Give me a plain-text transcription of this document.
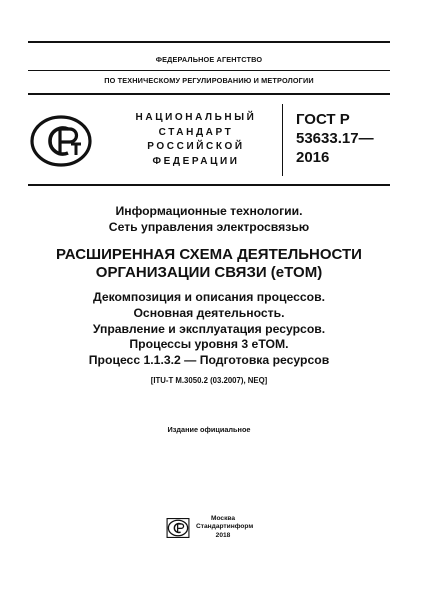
ФЕДЕРАЛЬНОЕ АГЕНТСТВО
ПО ТЕХНИЧЕСКОМУ РЕГУЛИРОВАНИЮ И МЕТРОЛОГИИ
НАЦИОНАЛЬНЫЙ
СТАНДАРТ
РОССИЙСКОЙ
ФЕДЕРАЦИИ
ГОСТ Р
53633.17—
2016
Информационные технологии.
Сеть управления электросвязью
РАСШИРЕННАЯ СХЕМА ДЕЯТЕЛЬНОСТИ
ОРГАНИЗАЦИИ СВЯЗИ (eTOM)
Декомпозиция и описания процессов.
Основная деятельность.
Управление и эксплуатация ресурсов.
Процессы уровня 3 eTOM.
Процесс 1.1.3.2 — Подготовка ресурсов
[ITU-T M.3050.2 (03.2007), NEQ]
Издание официальное
Москва
Стандартинформ
2018
